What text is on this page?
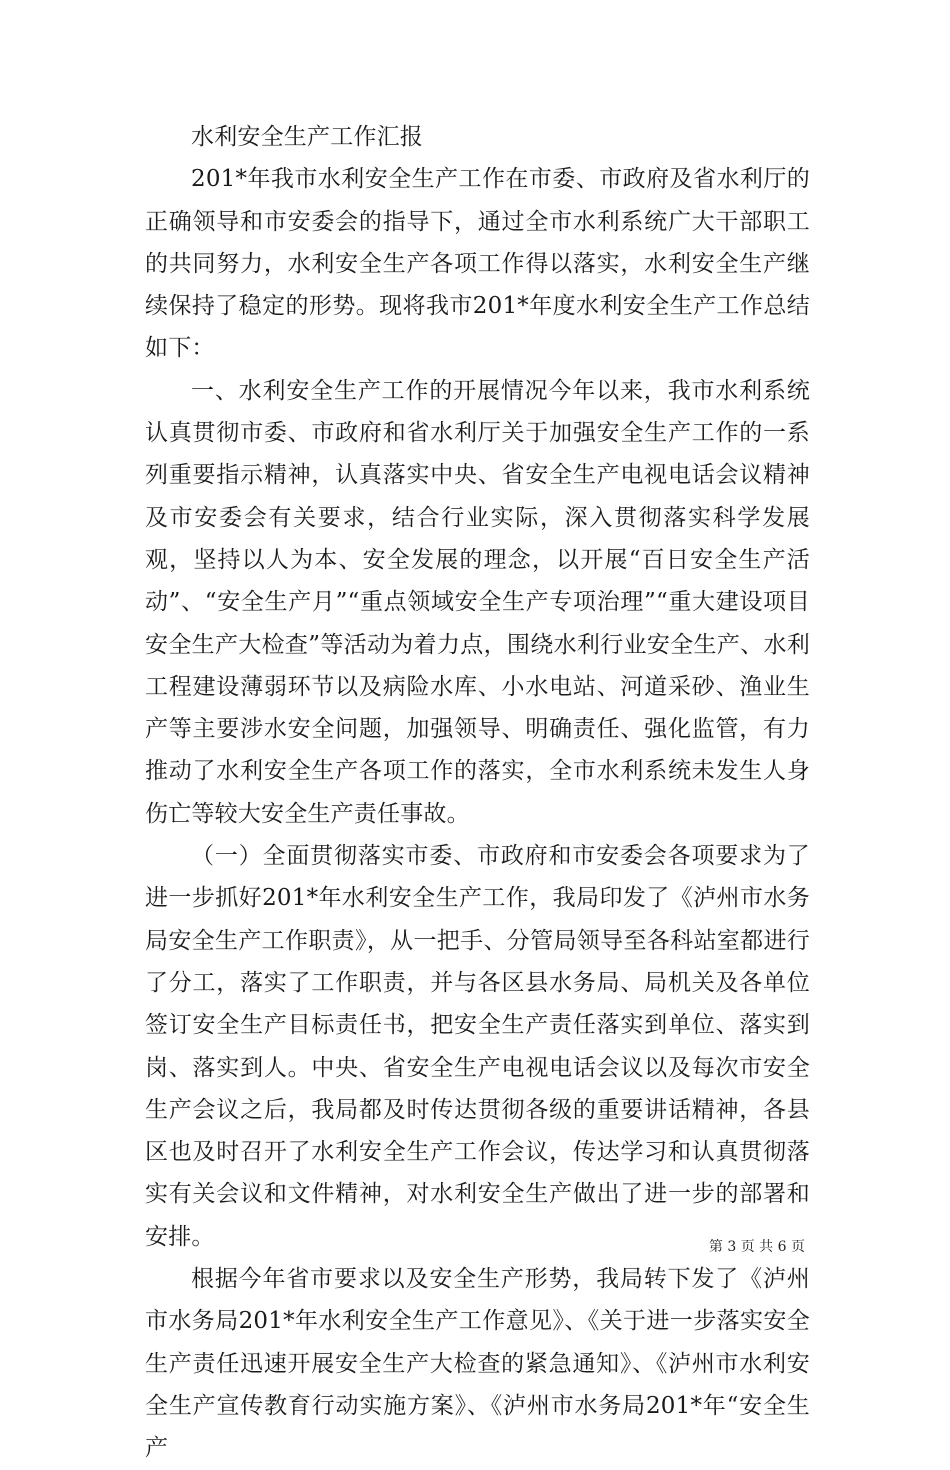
水利安全生产工作汇报

201*年我市水利安全生产工作在市委、市政府及省水利厅的正确领导和市安委会的指导下，通过全市水利系统广大干部职工的共同努力，水利安全生产各项工作得以落实，水利安全生产继续保持了稳定的形势。现将我市201*年度水利安全生产工作总结如下：

一、水利安全生产工作的开展情况今年以来，我市水利系统认真贯彻市委、市政府和省水利厅关于加强安全生产工作的一系列重要指示精神，认真落实中央、省安全生产电视电话会议精神及市安委会有关要求，结合行业实际，深入贯彻落实科学发展观，坚持以人为本、安全发展的理念，以开展“百日安全生产活动”、“安全生产月”“重点领域安全生产专项治理”“重大建设项目安全生产大检查”等活动为着力点，围绕水利行业安全生产、水利工程建设薄弱环节以及病险水库、小水电站、河道采砂、渔业生产等主要涉水安全问题，加强领导、明确责任、强化监管，有力推动了水利安全生产各项工作的落实，全市水利系统未发生人身伤亡等较大安全生产责任事故。

（一）全面贯彻落实市委、市政府和市安委会各项要求为了进一步抓好201*年水利安全生产工作，我局印发了《泸州市水务局安全生产工作职责》，从一把手、分管局领导至各科站室都进行了分工，落实了工作职责，并与各区县水务局、局机关及各单位签订安全生产目标责任书，把安全生产责任落实到单位、落实到岗、落实到人。中央、省安全生产电视电话会议以及每次市安全生产会议之后，我局都及时传达贯彻各级的重要讲话精神，各县区也及时召开了水利安全生产工作会议，传达学习和认真贯彻落实有关会议和文件精神，对水利安全生产做出了进一步的部署和安排。

根据今年省市要求以及安全生产形势，我局转下发了《泸州市水务局201*年水利安全生产工作意见》、《关于进一步落实安全生产责任迅速开展安全生产大检查的紧急通知》、《泸州市水利安全生产宣传教育行动实施方案》、《泸州市水务局201*年“安全生产

第 3 页 共 6 页
